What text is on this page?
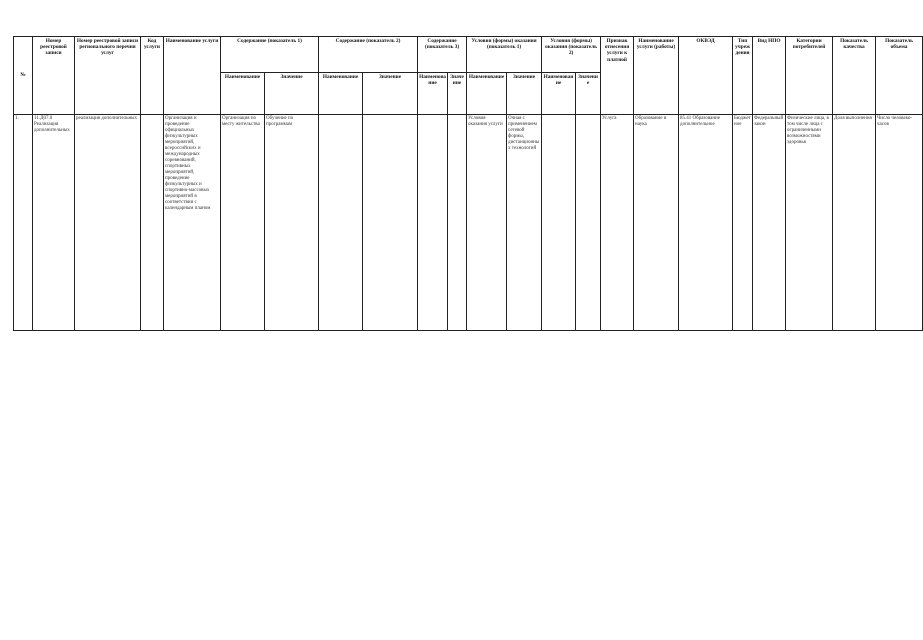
№	Номер реестровой записи	Номер реестровой записи регионального перечня услуг	Код услуги	Наименование услуги	Содержание (показатель 1)		Содержание (показатель 2)		Содержание (показатель 3)		Условия (формы) оказания (показатель 1)		Условия (формы) оказания (показатель 2)		Признак отнесения услуги к платной	Наименование услуги (работы)	ОКВЭД	Тип учреждения	Вид НПО	Категории потребителей	Показатель качества	Показатель объема
					Наименование	Значение	Наименование	Значение	Наименование	Значение	Наименование	Значение	Наименование	Значение								
1.	11.Д07.0 Реализация дополнительных	реализация дополнительных		Организация и проведение официальных физкультурных мероприятий, всероссийских и международных соревнований, спортивных мероприятий, проведение физкультурных и спортивно-массовых мероприятий в соответствии с календарным планом	Организация по месту жительства	Обучение по программам					Условия оказания услуги	Очная с применением сетевой формы, дистанционных технологий			Услуга	Образование и наука	85.41 Образование дополнительное	Бюджетное	Федеральный закон	Физические лица, в том числе лица с ограниченными возможностями здоровья	Доля выполнения	Число человеко-часов
